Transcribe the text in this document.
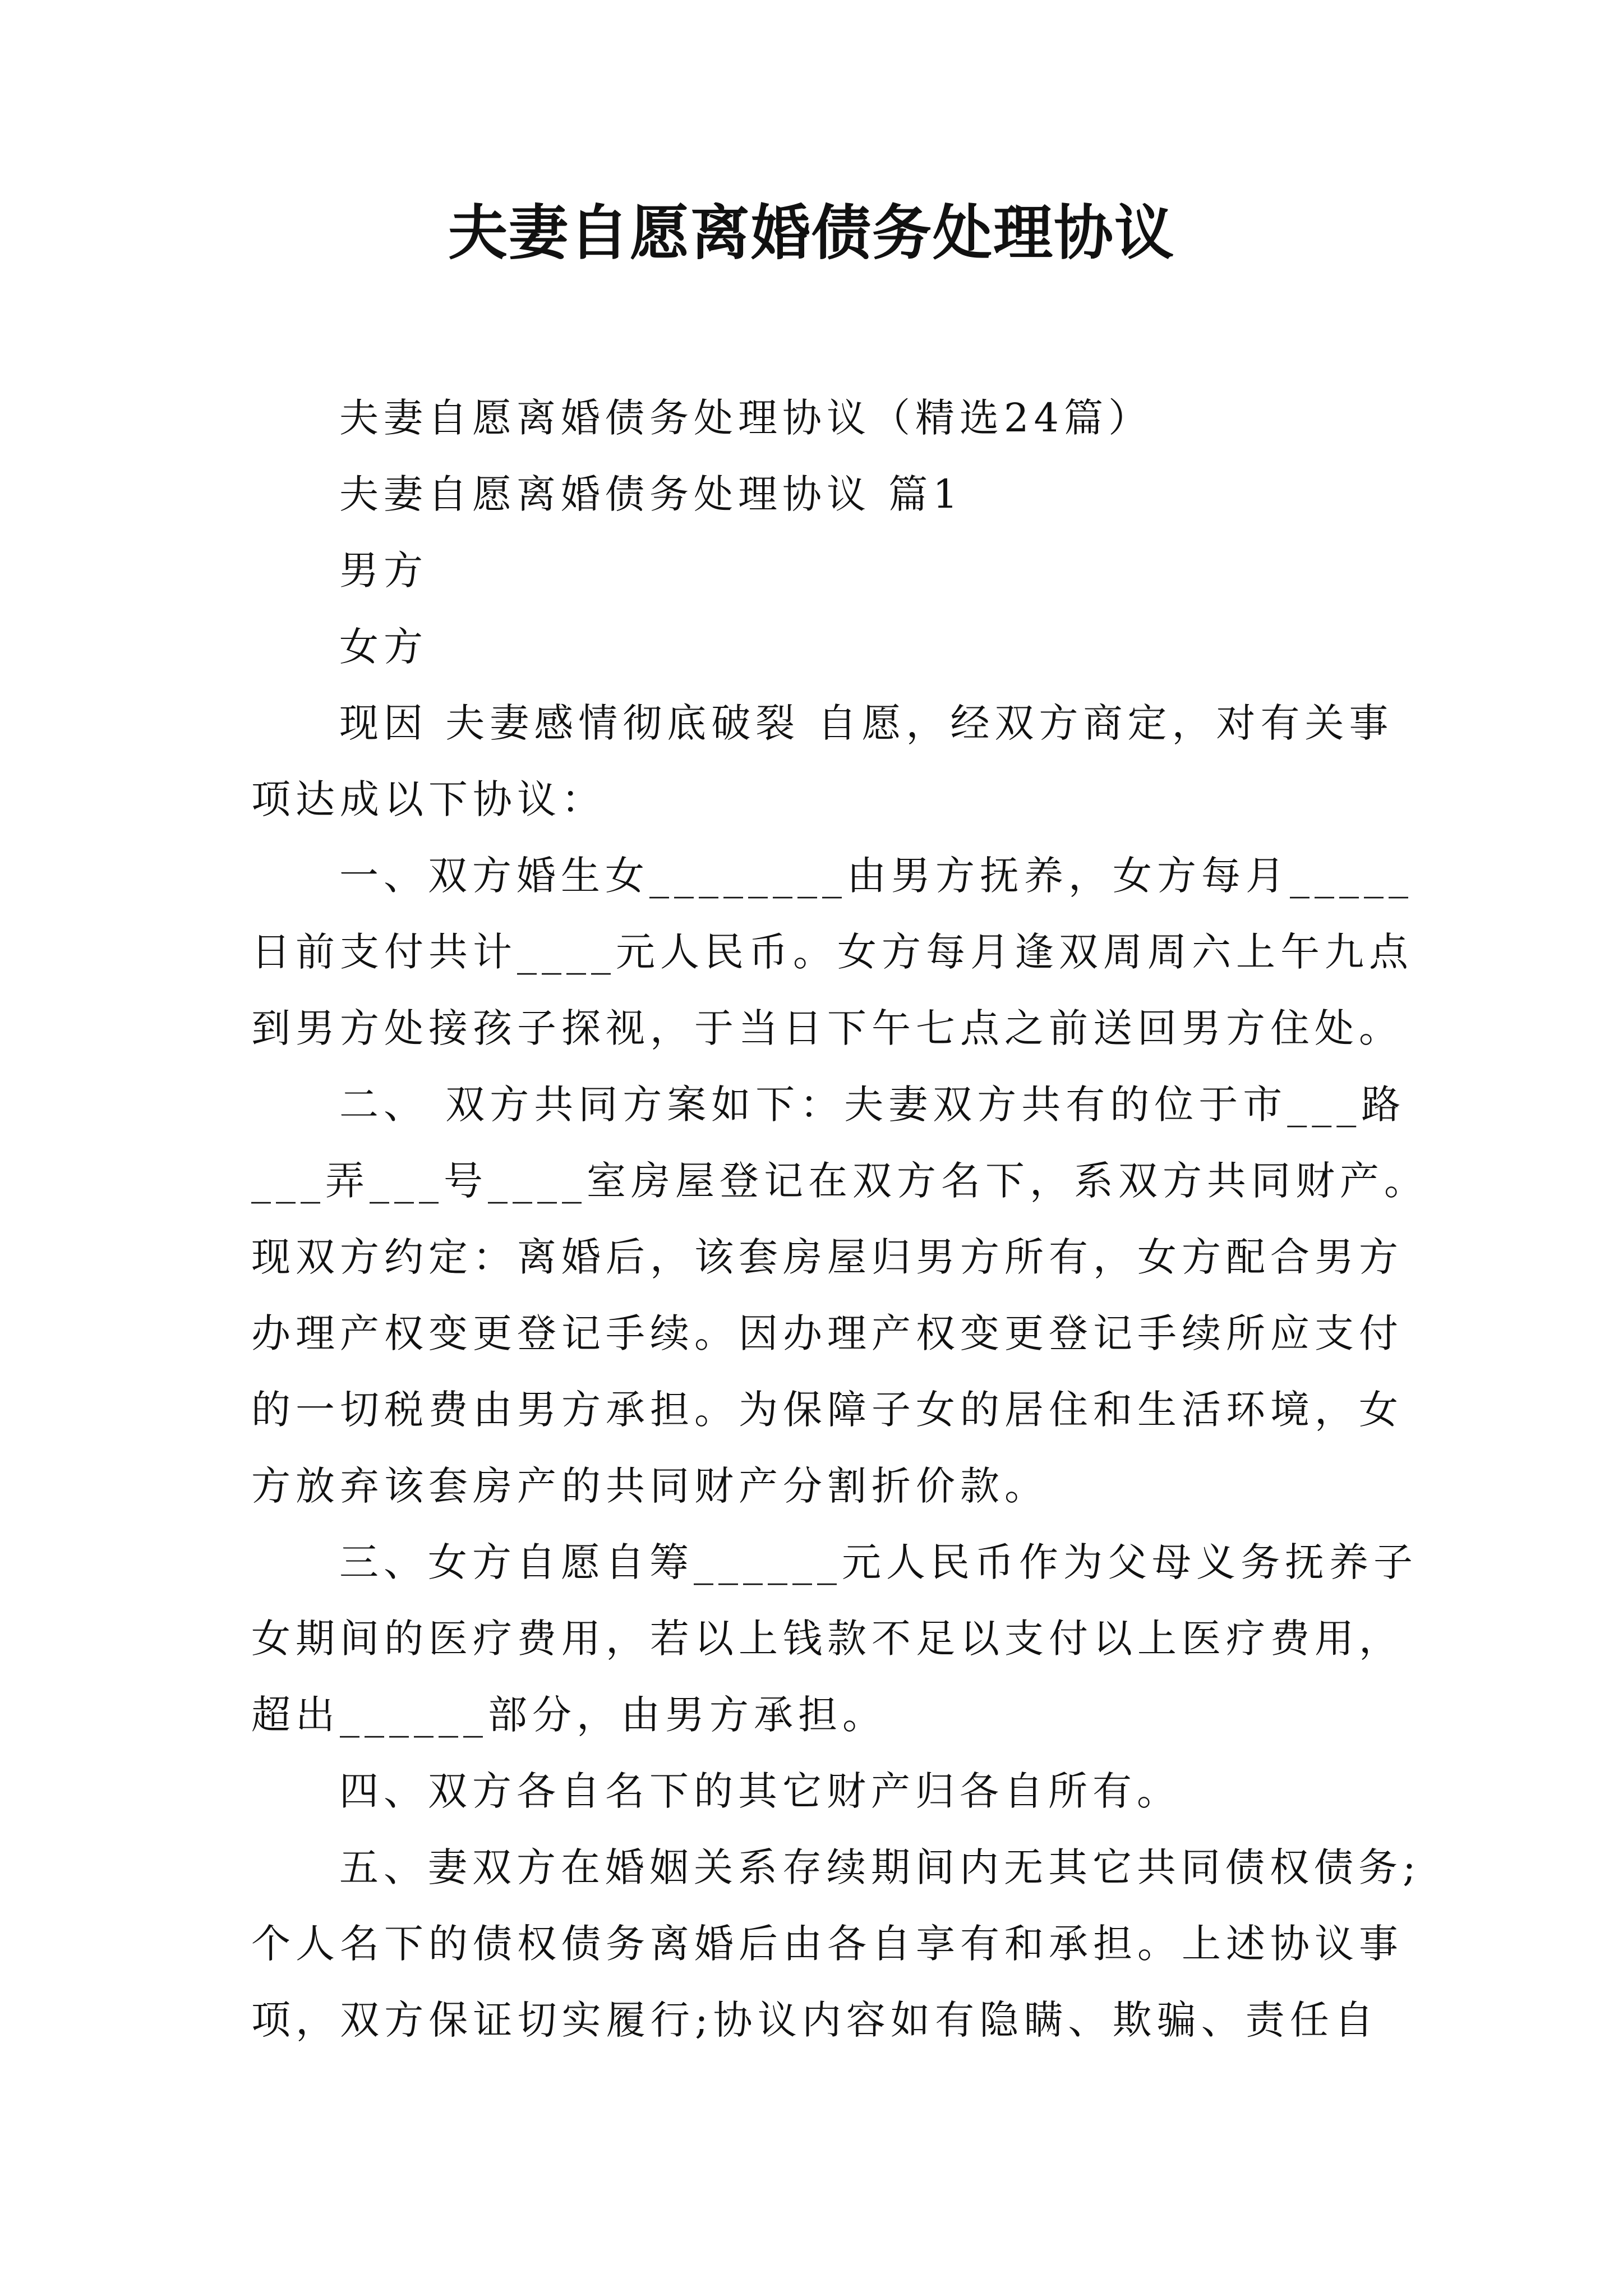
夫妻自愿离婚债务处理协议
夫妻自愿离婚债务处理协议（精选24篇）
夫妻自愿离婚债务处理协议 篇1
男方
女方
现因 夫妻感情彻底破裂 自愿，经双方商定，对有关事
项达成以下协议：
一、双方婚生女________由男方抚养，女方每月_____
日前支付共计____元人民币。女方每月逢双周周六上午九点
到男方处接孩子探视，于当日下午七点之前送回男方住处。
二、 双方共同方案如下：夫妻双方共有的位于市___路
___弄___号____室房屋登记在双方名下，系双方共同财产。
现双方约定：离婚后，该套房屋归男方所有，女方配合男方
办理产权变更登记手续。因办理产权变更登记手续所应支付
的一切税费由男方承担。为保障子女的居住和生活环境，女
方放弃该套房产的共同财产分割折价款。
三、女方自愿自筹______元人民币作为父母义务抚养子
女期间的医疗费用，若以上钱款不足以支付以上医疗费用，
超出______部分，由男方承担。
四、双方各自名下的其它财产归各自所有。
五、妻双方在婚姻关系存续期间内无其它共同债权债务;
个人名下的债权债务离婚后由各自享有和承担。上述协议事
项，双方保证切实履行;协议内容如有隐瞒、欺骗、责任自
